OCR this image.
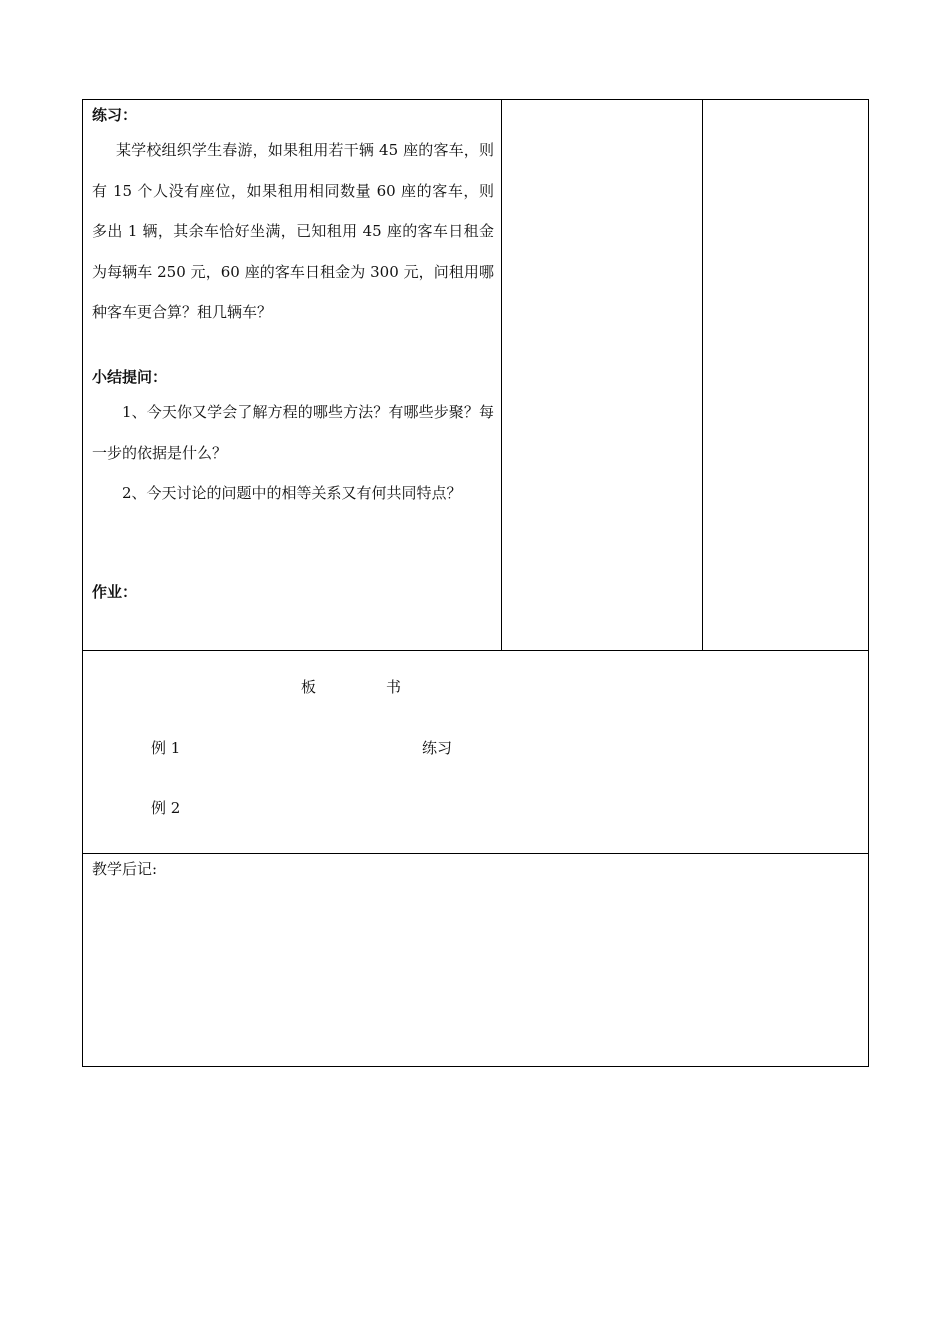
练习：
某学校组织学生春游，如果租用若干辆 45 座的客车，则有 15 个人没有座位，如果租用相同数量 60 座的客车，则多出 1 辆，其余车恰好坐满，已知租用 45 座的客车日租金为每辆车 250 元，60 座的客车日租金为 300 元，问租用哪种客车更合算？租几辆车？
小结提问：
1、今天你又学会了解方程的哪些方法？有哪些步聚？每一步的依据是什么？
2、今天讨论的问题中的相等关系又有何共同特点？
作业：
板	书
例 1	练习
例 2
教学后记:
